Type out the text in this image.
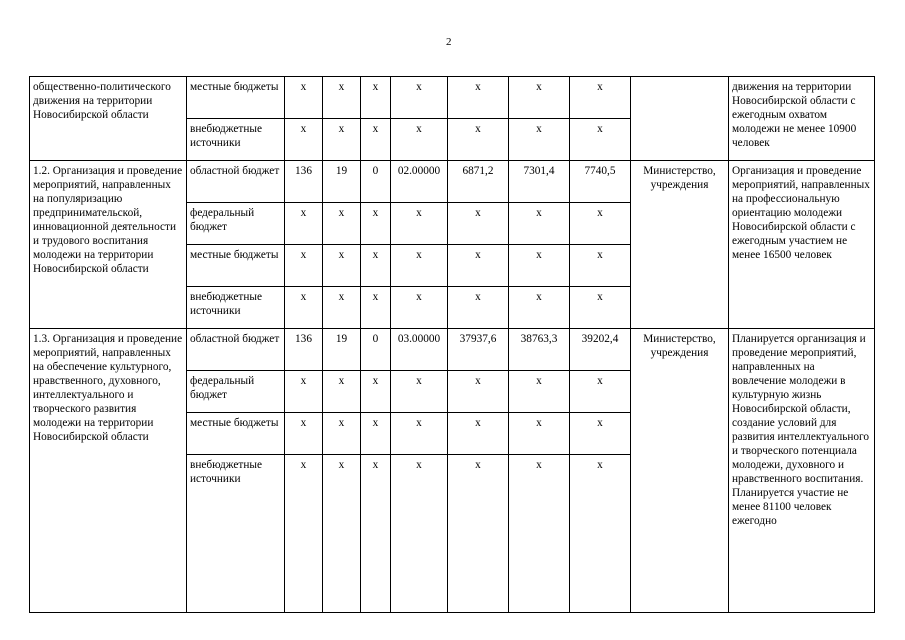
2
общественно-политического движения на территории Новосибирской области	местные бюджеты	x	x	x	x	x	x	x		движения на территории Новосибирской области с ежегодным охватом молодежи не менее 10900 человек
	внебюджетные источники	x	x	x	x	x	x	x		
1.2. Организация и проведение мероприятий, направленных на популяризацию предпринимательской, инновационной деятельности и трудового воспитания молодежи на территории Новосибирской области	областной бюджет	136	19	0	02.00000	6871,2	7301,4	7740,5	Министерство, учреждения	Организация и проведение мероприятий, направленных на профессиональную ориентацию молодежи Новосибирской области с ежегодным участием не менее 16500 человек
	федеральный бюджет	x	x	x	x	x	x	x		
	местные бюджеты	x	x	x	x	x	x	x		
	внебюджетные источники	x	x	x	x	x	x	x		
1.3. Организация и проведение мероприятий, направленных на обеспечение культурного, нравственного, духовного, интеллектуального и творческого развития молодежи на территории Новосибирской области	областной бюджет	136	19	0	03.00000	37937,6	38763,3	39202,4	Министерство, учреждения	Планируется организация и проведение мероприятий, направленных на вовлечение молодежи в культурную жизнь Новосибирской области, создание условий для развития интеллектуального и творческого потенциала молодежи, духовного и нравственного воспитания. Планируется участие не менее 81100 человек ежегодно
	федеральный бюджет	x	x	x	x	x	x	x		
	местные бюджеты	x	x	x	x	x	x	x		
	внебюджетные источники	x	x	x	x	x	x	x		
